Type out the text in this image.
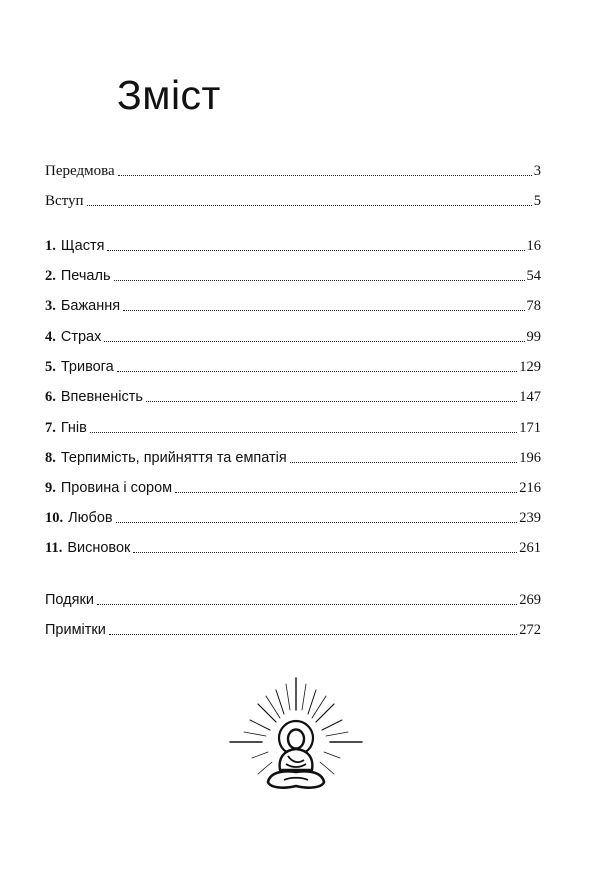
Зміст
Передмова	3
Вступ	5
1. Щастя	16
2. Печаль	54
3. Бажання	78
4. Страх	99
5. Тривога	129
6. Впевненість	147
7. Гнів	171
8. Терпимість, прийняття та емпатія	196
9. Провина і сором	216
10. Любов	239
11. Висновок	261
Подяки	269
Примітки	272
